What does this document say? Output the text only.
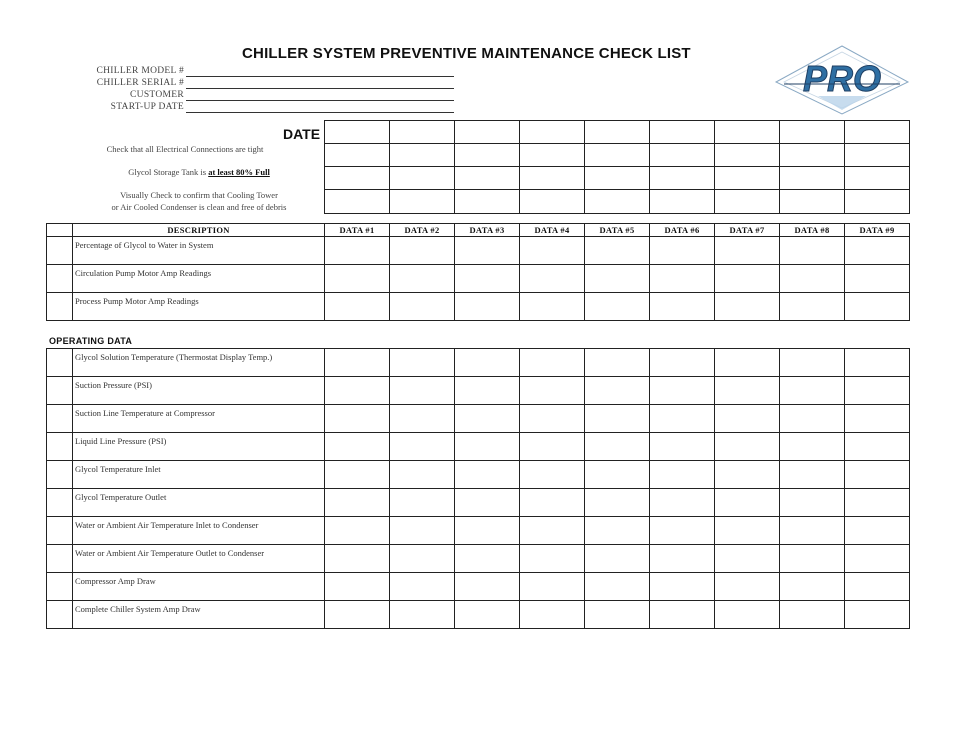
CHILLER SYSTEM PREVENTIVE MAINTENANCE CHECK LIST
CHILLER MODEL #
CHILLER SERIAL #
CUSTOMER
START-UP DATE
PRO
DATE
Check that all Electrical Connections are tight
Glycol Storage Tank is at least 80% Full
Visually Check to confirm that Cooling Tower
or Air Cooled Condenser is clean and free of debris

	DESCRIPTION	DATA #1	DATA #2	DATA #3	DATA #4	DATA #5	DATA #6	DATA #7	DATA #8	DATA #9
	Percentage of Glycol to Water in System									
	Circulation Pump Motor Amp Readings									
	Process Pump Motor Amp Readings									
OPERATING DATA
	Glycol Solution Temperature (Thermostat Display Temp.)									
	Suction Pressure (PSI)									
	Suction Line Temperature at Compressor									
	Liquid Line Pressure (PSI)									
	Glycol Temperature Inlet									
	Glycol Temperature Outlet									
	Water or Ambient Air Temperature Inlet to Condenser									
	Water or Ambient Air Temperature Outlet to Condenser									
	Compressor Amp Draw									
	Complete Chiller System Amp Draw									
